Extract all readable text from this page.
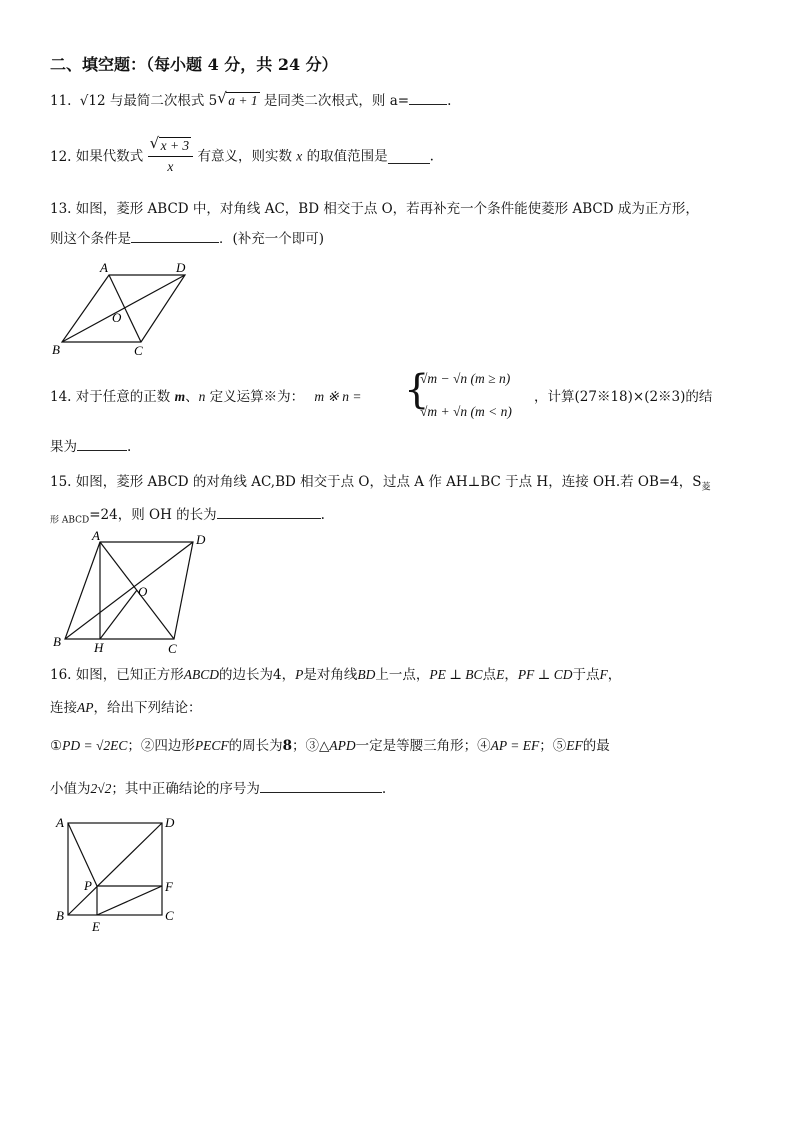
二、填空题：（每小题 4 分，共 24 分）
11. √12 与最简二次根式 5 √ a + 1 是同类二次根式，则 a=	.
12. 如果代数式 $\frac{√ x + 3}{x}$ 有意义，则实数 x 的取值范围是	.
13. 如图，菱形 ABCD 中，对角线 AC，BD 相交于点 O，若再补充一个条件能使菱形 ABCD 成为正方形，
则这个条件是	．(补充一个即可)
A	D
B	C
O
14. 对于任意的正数 m、n 定义运算※为： m ※ n = {
√m − √n (m ≥ n)
√m + √n (m < n)
，计算(27※18)×(2※3)的结
果为	.
15. 如图，菱形 ABCD 的对角线 AC,BD 相交于点 O，过点 A 作 AH⊥BC 于点 H，连接 OH.若 OB=4，$S_菱$
$_{形 ABCD}$=24，则 OH 的长为	.
A	D
B	C
H
O
16. 如图，已知正方形ABCD的边长为4，P是对角线BD上一点，PE ⊥ BC点E，PF ⊥ CD于点F，
连接AP，给出下列结论：
①PD = √2EC；②四边形PECF的周长为8；③△APD一定是等腰三角形；④AP = EF；⑤EF的最
小值为2√2；其中正确结论的序号为	.
A	D
B	C
P	F
E
